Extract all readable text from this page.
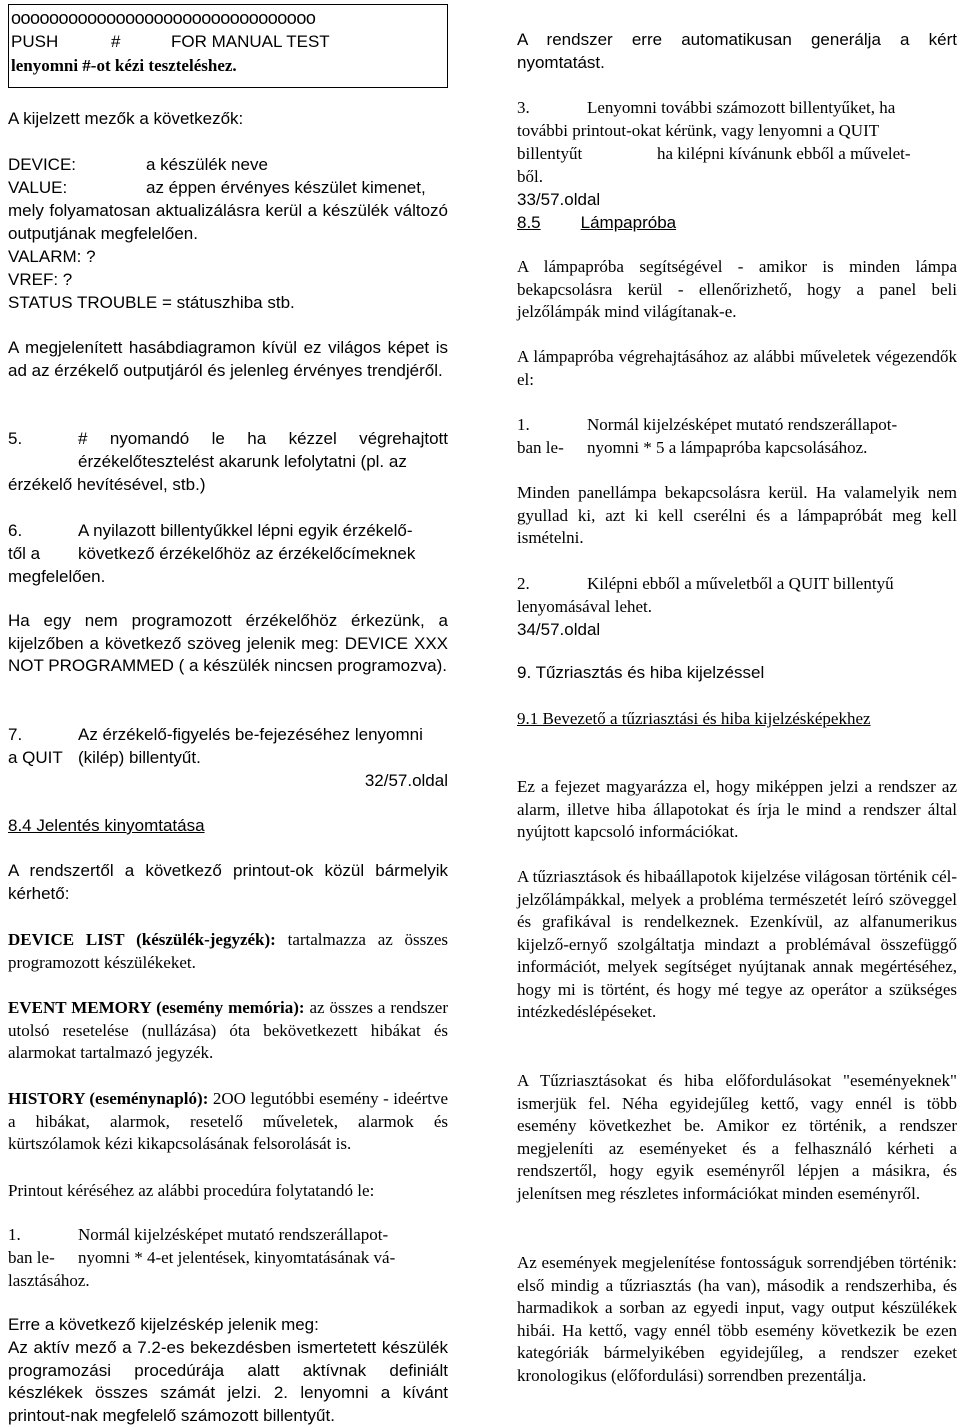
oooooooooooooooooooooooooooooooo
PUSH	#	FOR MANUAL TEST
lenyomni #-ot kézi teszteléshez.

A kijelzett mezők a következők:

DEVICE:	a készülék neve

VALUE:	az éppen érvényes készület kimenet,

mely folyamatosan aktualizálásra kerül a készülék változó outputjának megfelelően.

VALARM: ?

VREF: ?

STATUS TROUBLE = státuszhiba stb.

A megjelenített hasábdiagramon kívül ez világos képet is ad az érzékelő outputjáról és jelenleg érvényes trendjéről.

5.	# nyomandó le ha kézzel végrehajtott érzékelőtesztelést akarunk lefolytatni (pl. az

érzékelő hevítésével, stb.)

6.	A nyilazott billentyűkkel lépni egyik érzékelő-

től a következő érzékelőhöz az érzékelőcímeknek

megfelelően.

Ha egy nem programozott érzékelőhöz érkezünk, a kijelzőben a következő szöveg jelenik meg: DEVICE XXX NOT PROGRAMMED ( a készülék nincsen programozva).

7.	Az érzékelő-figyelés be-fejezéséhez lenyomni

a QUIT (kilép) billentyűt.

32/57.oldal

8.4 Jelentés kinyomtatása

A rendszertől a következő printout-ok közül bármelyik kérhető:

DEVICE LIST (készülék-jegyzék): tartalmazza az összes programozott készülékeket.

EVENT MEMORY (esemény memória): az összes a rendszer utolsó resetelése (nullázása) óta bekövetkezett hibákat és alarmokat tartalmazó jegyzék.

HISTORY (eseménynapló): 2OO legutóbbi esemény - ideértve a hibákat, alarmok, resetelő műveletek, alarmok és kürtszólamok kézi kikapcsolásának felsorolását is.

Printout kéréséhez az alábbi procedúra folytatandó le:

1.	Normál kijelzésképet mutató rendszerállapot-

ban le- nyomni * 4-et jelentések, kinyomtatásának vá-

lasztásához.

Erre a következő kijelzéskép jelenik meg:

Az aktív mező a 7.2-es bekezdésben ismertetett készülék programozási procedúrája alatt aktívnak definiált készlékek összes számát jelzi. 2. lenyomni a kívánt printout-nak megfelelő számozott billentyűt.

A rendszer erre automatikusan generálja a kért nyomtatást.

3.	Lenyomni további számozott billentyűket, ha

további printout-okat kérünk, vagy lenyomni a QUIT

billentyűt	ha kilépni kívánunk ebből a művelet-

ből.

33/57.oldal

8.5 Lámpapróba

A lámpapróba segítségével - amikor is minden lámpa bekapcsolásra kerül - ellenőrizhető, hogy a panel beli jelzőlámpák mind világítanak-e.

A lámpapróba végrehajtásához az alábbi műveletek végezendők el:

1.	Normál kijelzésképet mutató rendszerállapot-

ban le- nyomni * 5 a lámpapróba kapcsolásához.

Minden panellámpa bekapcsolásra kerül. Ha valamelyik nem gyullad ki, azt ki kell cserélni és a lámpapróbát meg kell ismételni.

2.	Kilépni ebből a műveletből a QUIT billentyű

lenyomásával lehet.

34/57.oldal

9. Tűzriasztás és hiba kijelzéssel

9.1 Bevezető a tűzriasztási és hiba kijelzésképekhez

Ez a fejezet magyarázza el, hogy miképpen jelzi a rendszer az alarm, illetve hiba állapotokat és írja le mind a rendszer által nyújtott kapcsoló információkat.

A tűzriasztások és hibaállapotok kijelzése világosan történik cél-jelzőlámpákkal, melyek a probléma természetét leíró szöveggel és grafikával is rendelkeznek. Ezenkívül, az alfanumerikus kijelző-ernyő szolgáltatja mindazt a problémával összefüggő információt, melyek segítséget nyújtanak annak megértéséhez, hogy mi is történt, és hogy mé tegye az operátor a szükséges intézkedéslépéseket.

A Tűzriasztásokat és hiba előfordulásokat "eseményeknek" ismerjük fel. Néha egyidejűleg kettő, vagy ennél is több esemény következhet be. Amikor ez történik, a rendszer megjeleníti az eseményeket és a felhasználó kérheti a rendszertől, hogy egyik eseményről lépjen a másikra, és jelenítsen meg részletes információkat minden eseményről.

Az események megjelenítése fontosságuk sorrendjében történik: első mindig a tűzriasztás (ha van), második a rendszerhiba, és harmadikok a sorban az egyedi input, vagy output készülékek hibái. Ha kettő, vagy ennél több esemény következik be ezen kategóriák bármelyikében egyidejűleg, a rendszer ezeket kronologikus (előfordulási) sorrendben prezentálja.
